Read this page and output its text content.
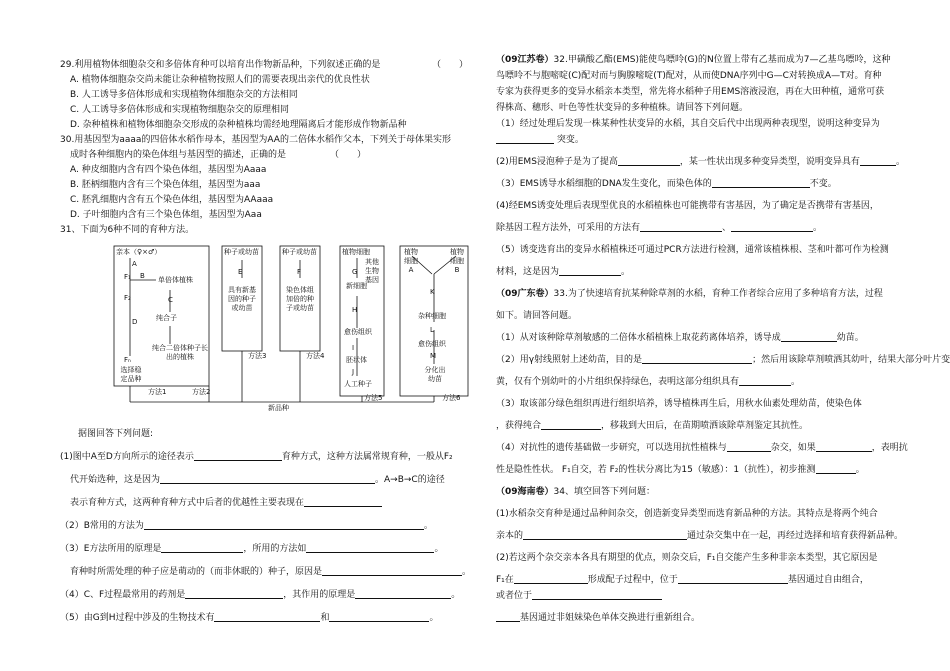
29.利用植物体细胞杂交和多倍体育种可以培育出作物新品种，下列叙述正确的是	（　　）
A. 植物体细胞杂交尚未能让杂种植物按照人们的需要表现出亲代的优良性状
B. 人工诱导多倍体形成和实现植物体细胞杂交的方法相同
C. 人工诱导多倍体形成和实现植物细胞杂交的原理相同
D. 杂种植株和植物体细胞杂交形成的杂种植株均需经地理隔离后才能形成作物新品种
30.用基因型为aaaa的四倍体水稻作母本，基因型为AA的二倍体水稻作父本，下列关于母体果实形
成时各种细胞内的染色体组与基因型的描述，正确的是	（　　）
A. 种皮细胞内含有四个染色体组，基因型为Aaaa
B. 胚柄细胞内含有三个染色体组，基因型为aaa
C. 胚乳细胞内含有五个染色体组，基因型为AAaaa
D. 子叶细胞内含有三个染色体组，基因型为Aaa
31、下面为6种不同的育种方法。
亲本（♀×♂）
A
F₁ B 单倍体植株
C
纯合子
纯合二倍体种子长出的植株
F₂
D
Fₙ
选择稳定品种
种子或幼苗
E
具有新基因的种子或幼苗
种子或幼苗
F
染色体组加倍的种子或幼苗
植物细胞
其他生物基因
G
新细胞
H
愈伤组织
I
胚状体
J
人工种子
植物细胞A
植物细胞B
K
杂种细胞
L
愈伤组织
M
分化出幼苗
方法1	方法2
方法3	方法4
方法5	方法6
新品种
据图回答下列问题:
(1)图中A至D方向所示的途径表示	育种方式，这种方法属常规育种，一般从F₂
代开始选种，这是因为	。A→B→C的途径
表示育种方式，这两种育种方式中后者的优越性主要表现在
（2）B常用的方法为	。
（3）E方法所用的原理是	，所用的方法如	。
育种时所需处理的种子应是萌动的（而非休眠的）种子，原因是	。
（4）C、F过程最常用的药剂是	，其作用的原理是	。
（5）由G到H过程中涉及的生物技术有	和	。
（09江苏卷）32.甲磺酸乙酯(EMS)能使鸟嘌呤(G)的N位置上带有乙基而成为7—乙基鸟嘌呤，这种
鸟嘌呤不与胞嘧啶(C)配对而与胸腺嘧啶(T)配对，从而使DNA序列中G—C对转换成A—T对。育种
专家为获得更多的变异水稻亲本类型，常先将水稻种子用EMS溶液浸泡，再在大田种植，通常可获
得株高、穗形、叶色等性状变异的多种植株。请回答下列问题。
（1）经过处理后发现一株某种性状变异的水稻，其自交后代中出现两种表现型，说明这种变异为
突变。
(2)用EMS浸泡种子是为了提高	，某一性状出现多种变异类型，说明变异具有	。
（3）EMS诱导水稻细胞的DNA发生变化，而染色体的	不变。
(4)经EMS诱变处理后表现型优良的水稻植株也可能携带有害基因，为了确定是否携带有害基因，
除基因工程方法外，可采用的方法有	、	。
（5）诱变选育出的变异水稻植株还可通过PCR方法进行检测，通常该植株根、茎和叶都可作为检测
材料，这是因为	。
（09广东卷）33.为了快速培育抗某种除草剂的水稻，育种工作者综合应用了多种培育方法，过程
如下。请回答问题。
（1）从对该种除草剂敏感的二倍体水稻植株上取花药离体培养，诱导成	幼苗。
（2）用γ射线照射上述幼苗，目的是	；然后用该除草剂喷洒其幼叶，结果大部分叶片变
黄，仅有个别幼叶的小片组织保持绿色，表明这部分组织具有	。
（3）取该部分绿色组织再进行组织培养，诱导植株再生后，用秋水仙素处理幼苗，使染色体
，获得纯合	，移栽到大田后，在苗期喷洒该除草剂鉴定其抗性。
（4）对抗性的遗传基础做一步研究，可以选用抗性植株与	杂交，如果	，表明抗
性是隐性性状。 F₁自交，若 F₂的性状分离比为15（敏感）：1（抗性），初步推测	。
（09海南卷）34、填空回答下列问题：
(1)水稻杂交育种是通过品种间杂交，创造新变异类型而选育新品种的方法。其特点是将两个纯合
亲本的	通过杂交集中在一起，再经过选择和培育获得新品种。
(2)若这两个杂交亲本各具有期望的优点，则杂交后，F₁自交能产生多种非亲本类型，其它原因是
F₁在	形成配子过程中，位于	基因通过自由组合，
或者位于
基因通过非姐妹染色单体交换进行重新组合。
